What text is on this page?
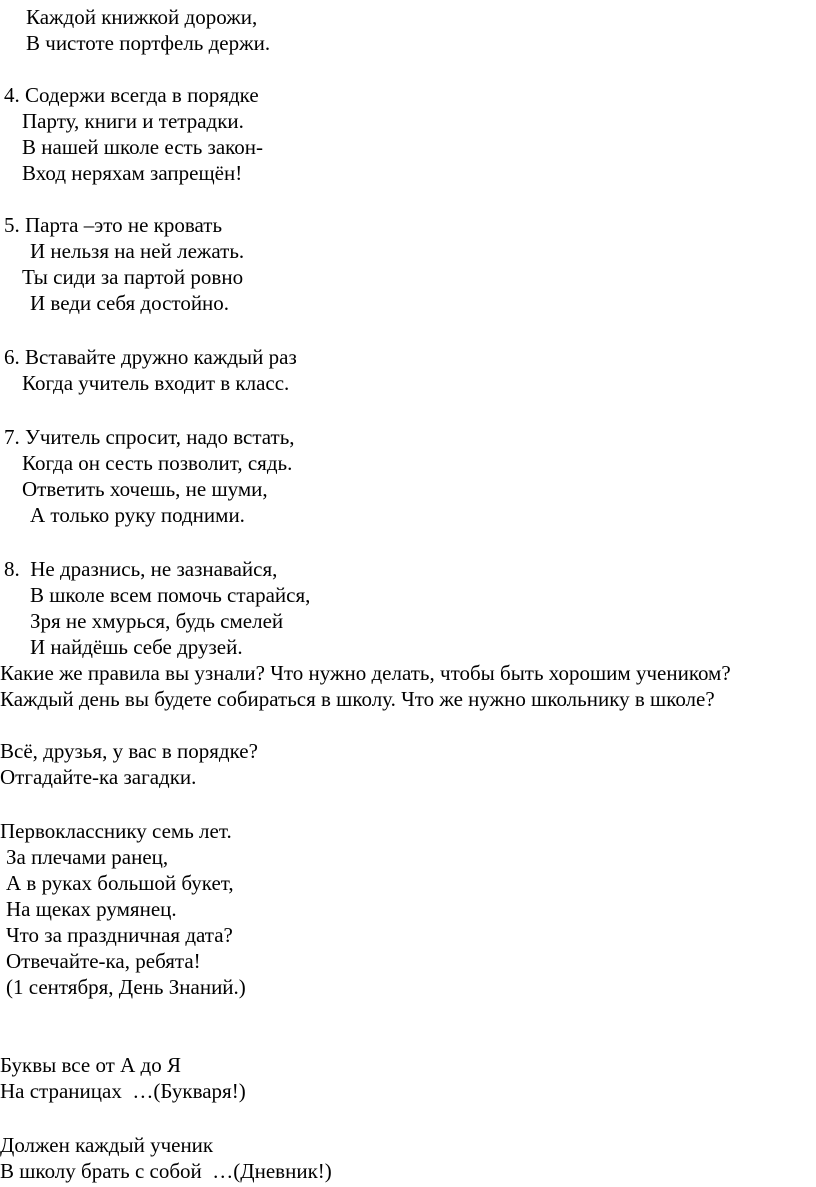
Каждой книжкой дорожи,
В чистоте портфель держи.
4. Содержи всегда в порядке
Парту, книги и тетрадки.
В нашей школе есть закон-
Вход неряхам запрещён!
5. Парта –это не кровать
И нельзя на ней лежать.
Ты сиди за партой ровно
И веди себя достойно.
6. Вставайте дружно каждый раз
Когда учитель входит в класс.
7. Учитель спросит, надо встать,
Когда он сесть позволит, сядь.
Ответить хочешь, не шуми,
А только руку подними.
8.  Не дразнись, не зазнавайся,
В школе всем помочь старайся,
Зря не хмурься, будь смелей
И найдёшь себе друзей.
Какие же правила вы узнали? Что нужно делать, чтобы быть хорошим учеником?
Каждый день вы будете собираться в школу. Что же нужно школьнику в школе?
Всё, друзья, у вас в порядке?
Отгадайте-ка загадки.
Первокласснику семь лет.
За плечами ранец,
А в руках большой букет,
На щеках румянец.
Что за праздничная дата?
Отвечайте-ка, ребята!
(1 сентября, День Знаний.)
Буквы все от А до Я
На страницах  …(Букваря!)
Должен каждый ученик
В школу брать с собой  …(Дневник!)
